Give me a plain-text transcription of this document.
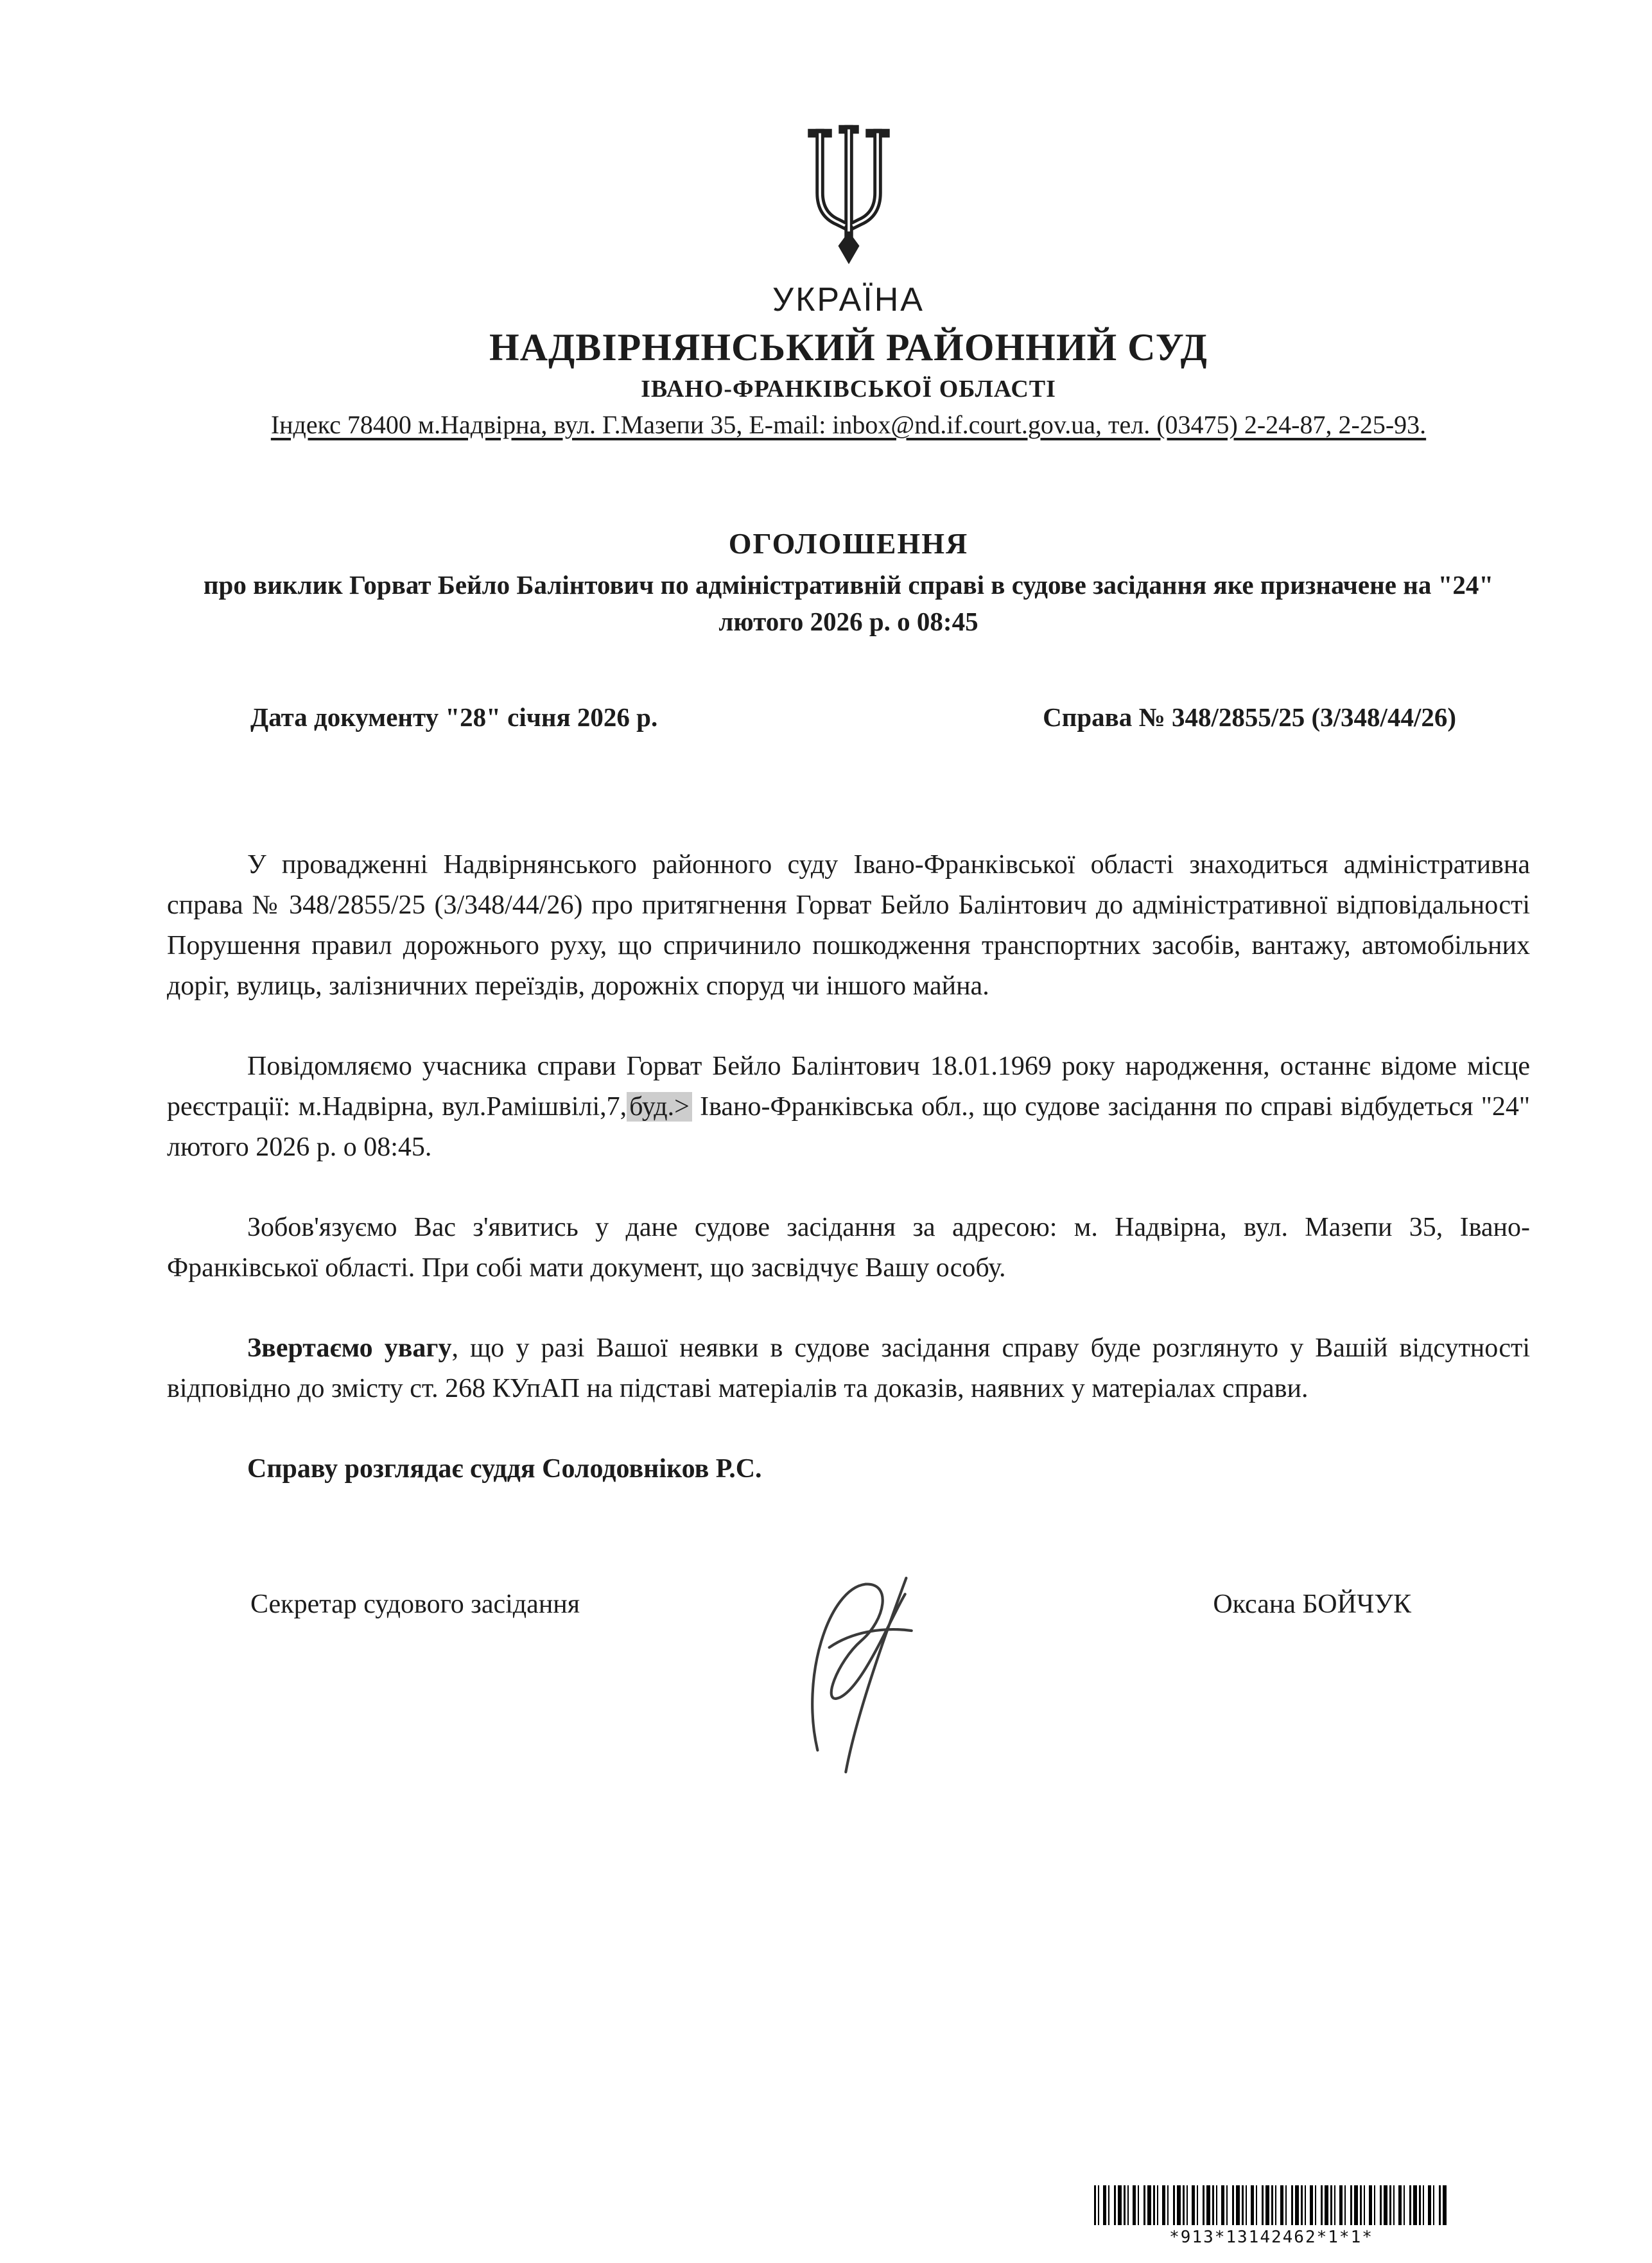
УКРАЇНА
НАДВІРНЯНСЬКИЙ РАЙОННИЙ СУД
ІВАНО-ФРАНКІВСЬКОЇ ОБЛАСТІ
Індекс 78400 м.Надвірна, вул. Г.Мазепи 35, E-mail: inbox@nd.if.court.gov.ua, тел. (03475) 2-24-87, 2-25-93.
ОГОЛОШЕННЯ
про виклик Горват Бейло Балінтович по адміністративній справі в судове засідання яке призначене на "24" лютого 2026 р. о 08:45
Дата документу "28" січня 2026 р.	Справа № 348/2855/25 (3/348/44/26)

У провадженні Надвірнянського районного суду Івано-Франківської області знаходиться адміністративна справа № 348/2855/25 (3/348/44/26) про притягнення Горват Бейло Балінтович до адміністративної відповідальності Порушення правил дорожнього руху, що спричинило пошкодження транспортних засобів, вантажу, автомобільних доріг, вулиць, залізничних переїздів, дорожніх споруд чи іншого майна.

Повідомляємо учасника справи Горват Бейло Балінтович 18.01.1969 року народження, останнє відоме місце реєстрації: м.Надвірна, вул.Рамішвілі,7,буд.> Івано-Франківська обл., що судове засідання по справі відбудеться "24" лютого 2026 р. о 08:45.

Зобов'язуємо Вас з'явитись у дане судове засідання за адресою: м. Надвірна, вул. Мазепи 35, Івано-Франківської області. При собі мати документ, що засвідчує Вашу особу.

Звертаємо увагу, що у разі Вашої неявки в судове засідання справу буде розглянуто у Вашій відсутності відповідно до змісту ст. 268 КУпАП на підставі матеріалів та доказів, наявних у матеріалах справи.

Справу розглядає суддя Солодовніков Р.С.

Секретар судового засідання	Оксана БОЙЧУК
*913*13142462*1*1*
